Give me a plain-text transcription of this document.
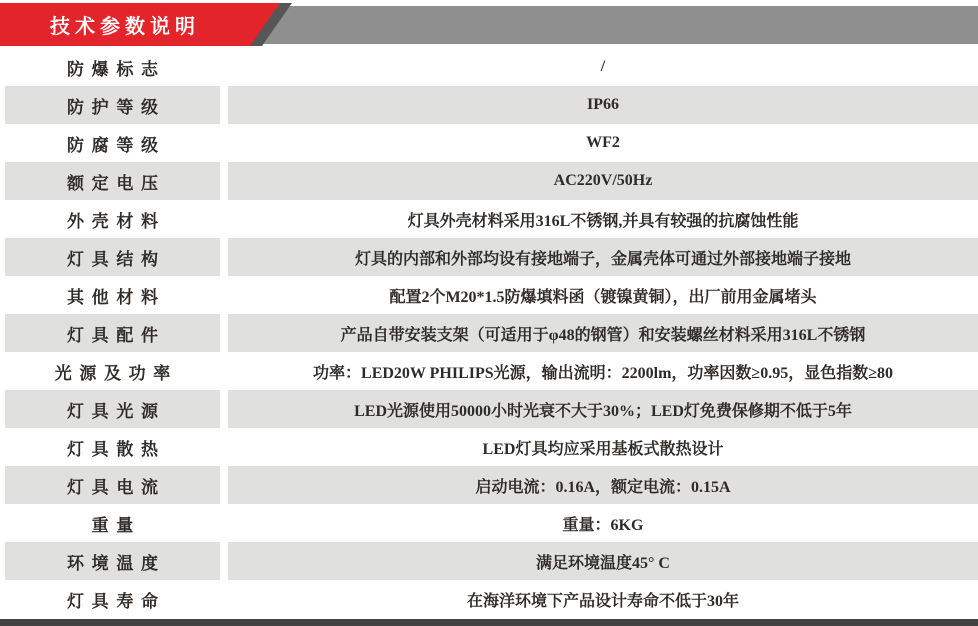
技术参数说明
防爆标志	/
防护等级	IP66
防腐等级	WF2
额定电压	AC220V/50Hz
外壳材料	灯具外壳材料采用316L不锈钢,并具有较强的抗腐蚀性能
灯具结构	灯具的内部和外部均设有接地端子，金属壳体可通过外部接地端子接地
其他材料	配置2个M20*1.5防爆填料函（镀镍黄铜），出厂前用金属堵头
灯具配件	产品自带安装支架（可适用于φ48的钢管）和安装螺丝材料采用316L不锈钢
光源及功率	功率：LED20W PHILIPS光源，输出流明：2200lm，功率因数≥0.95，显色指数≥80
灯具光源	LED光源使用50000小时光衰不大于30%；LED灯免费保修期不低于5年
灯具散热	LED灯具均应采用基板式散热设计
灯具电流	启动电流：0.16A，额定电流：0.15A
重量	重量：6KG
环境温度	满足环境温度45° C
灯具寿命	在海洋环境下产品设计寿命不低于30年
